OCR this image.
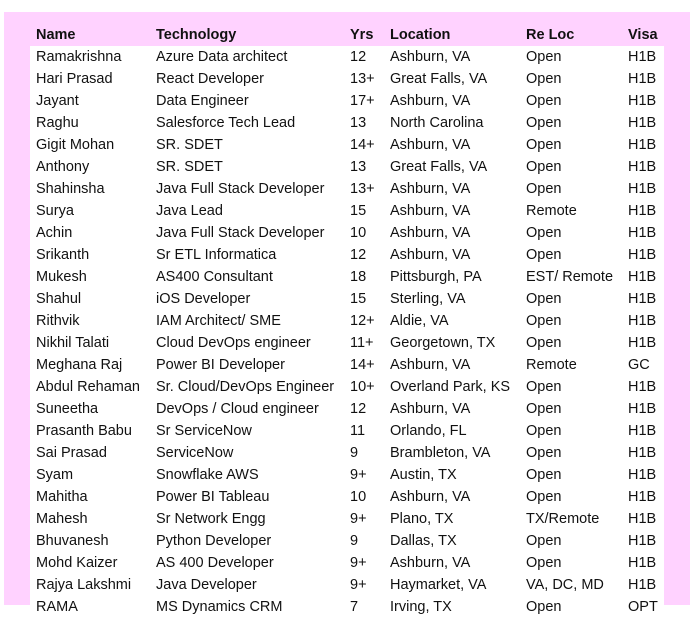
Name	Technology	Yrs	Location	Re Loc	Visa
Ramakrishna	Azure Data architect	12	Ashburn, VA	Open	H1B
Hari Prasad	React Developer	13+	Great Falls, VA	Open	H1B
Jayant	Data Engineer	17+	Ashburn, VA	Open	H1B
Raghu	Salesforce Tech Lead	13	North Carolina	Open	H1B
Gigit Mohan	SR. SDET	14+	Ashburn, VA	Open	H1B
Anthony	SR. SDET	13	Great Falls, VA	Open	H1B
Shahinsha	Java Full Stack Developer	13+	Ashburn, VA	Open	H1B
Surya	Java Lead	15	Ashburn, VA	Remote	H1B
Achin	Java Full Stack Developer	10	Ashburn, VA	Open	H1B
Srikanth	Sr ETL Informatica	12	Ashburn, VA	Open	H1B
Mukesh	AS400 Consultant	18	Pittsburgh, PA	EST/ Remote	H1B
Shahul	iOS Developer	15	Sterling, VA	Open	H1B
Rithvik	IAM Architect/ SME	12+	Aldie, VA	Open	H1B
Nikhil Talati	Cloud DevOps engineer	11+	Georgetown, TX	Open	H1B
Meghana Raj	Power BI Developer	14+	Ashburn, VA	Remote	GC
Abdul Rehaman	Sr. Cloud/DevOps Engineer	10+	Overland Park, KS	Open	H1B
Suneetha	DevOps / Cloud engineer	12	Ashburn, VA	Open	H1B
Prasanth Babu	Sr ServiceNow	11	Orlando, FL	Open	H1B
Sai Prasad	ServiceNow	9	Brambleton, VA	Open	H1B
Syam	Snowflake AWS	9+	Austin, TX	Open	H1B
Mahitha	Power BI Tableau	10	Ashburn, VA	Open	H1B
Mahesh	Sr Network Engg	9+	Plano, TX	TX/Remote	H1B
Bhuvanesh	Python Developer	9	Dallas, TX	Open	H1B
Mohd Kaizer	AS 400 Developer	9+	Ashburn, VA	Open	H1B
Rajya Lakshmi	Java Developer	9+	Haymarket, VA	VA, DC, MD	H1B
RAMA	MS Dynamics CRM	7	Irving, TX	Open	OPT
